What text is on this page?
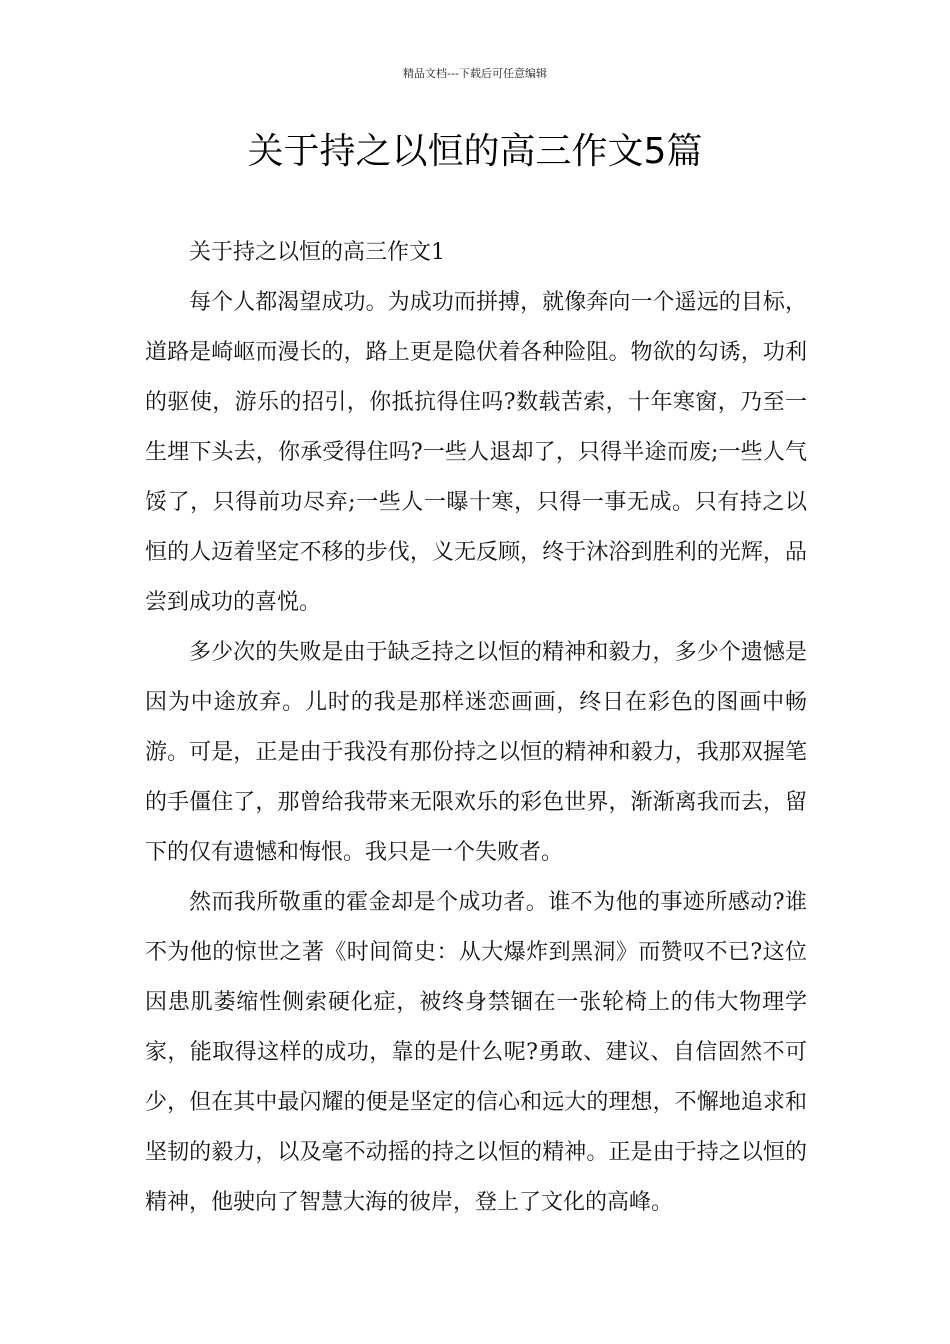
精品文档---下载后可任意编辑
关于持之以恒的高三作文5篇
关于持之以恒的高三作文1

每个人都渴望成功。为成功而拼搏，就像奔向一个遥远的目标，道路是崎岖而漫长的，路上更是隐伏着各种险阻。物欲的勾诱，功利的驱使，游乐的招引，你抵抗得住吗?数载苦索，十年寒窗，乃至一生埋下头去，你承受得住吗?一些人退却了，只得半途而废;一些人气馁了，只得前功尽弃;一些人一曝十寒，只得一事无成。只有持之以恒的人迈着坚定不移的步伐，义无反顾，终于沐浴到胜利的光辉，品尝到成功的喜悦。

多少次的失败是由于缺乏持之以恒的精神和毅力，多少个遗憾是因为中途放弃。儿时的我是那样迷恋画画，终日在彩色的图画中畅游。可是，正是由于我没有那份持之以恒的精神和毅力，我那双握笔的手僵住了，那曾给我带来无限欢乐的彩色世界，渐渐离我而去，留下的仅有遗憾和悔恨。我只是一个失败者。

然而我所敬重的霍金却是个成功者。谁不为他的事迹所感动?谁不为他的惊世之著《时间简史：从大爆炸到黑洞》而赞叹不已?这位因患肌萎缩性侧索硬化症，被终身禁锢在一张轮椅上的伟大物理学家，能取得这样的成功，靠的是什么呢?勇敢、建议、自信固然不可少，但在其中最闪耀的便是坚定的信心和远大的理想，不懈地追求和坚韧的毅力，以及毫不动摇的持之以恒的精神。正是由于持之以恒的精神，他驶向了智慧大海的彼岸，登上了文化的高峰。
